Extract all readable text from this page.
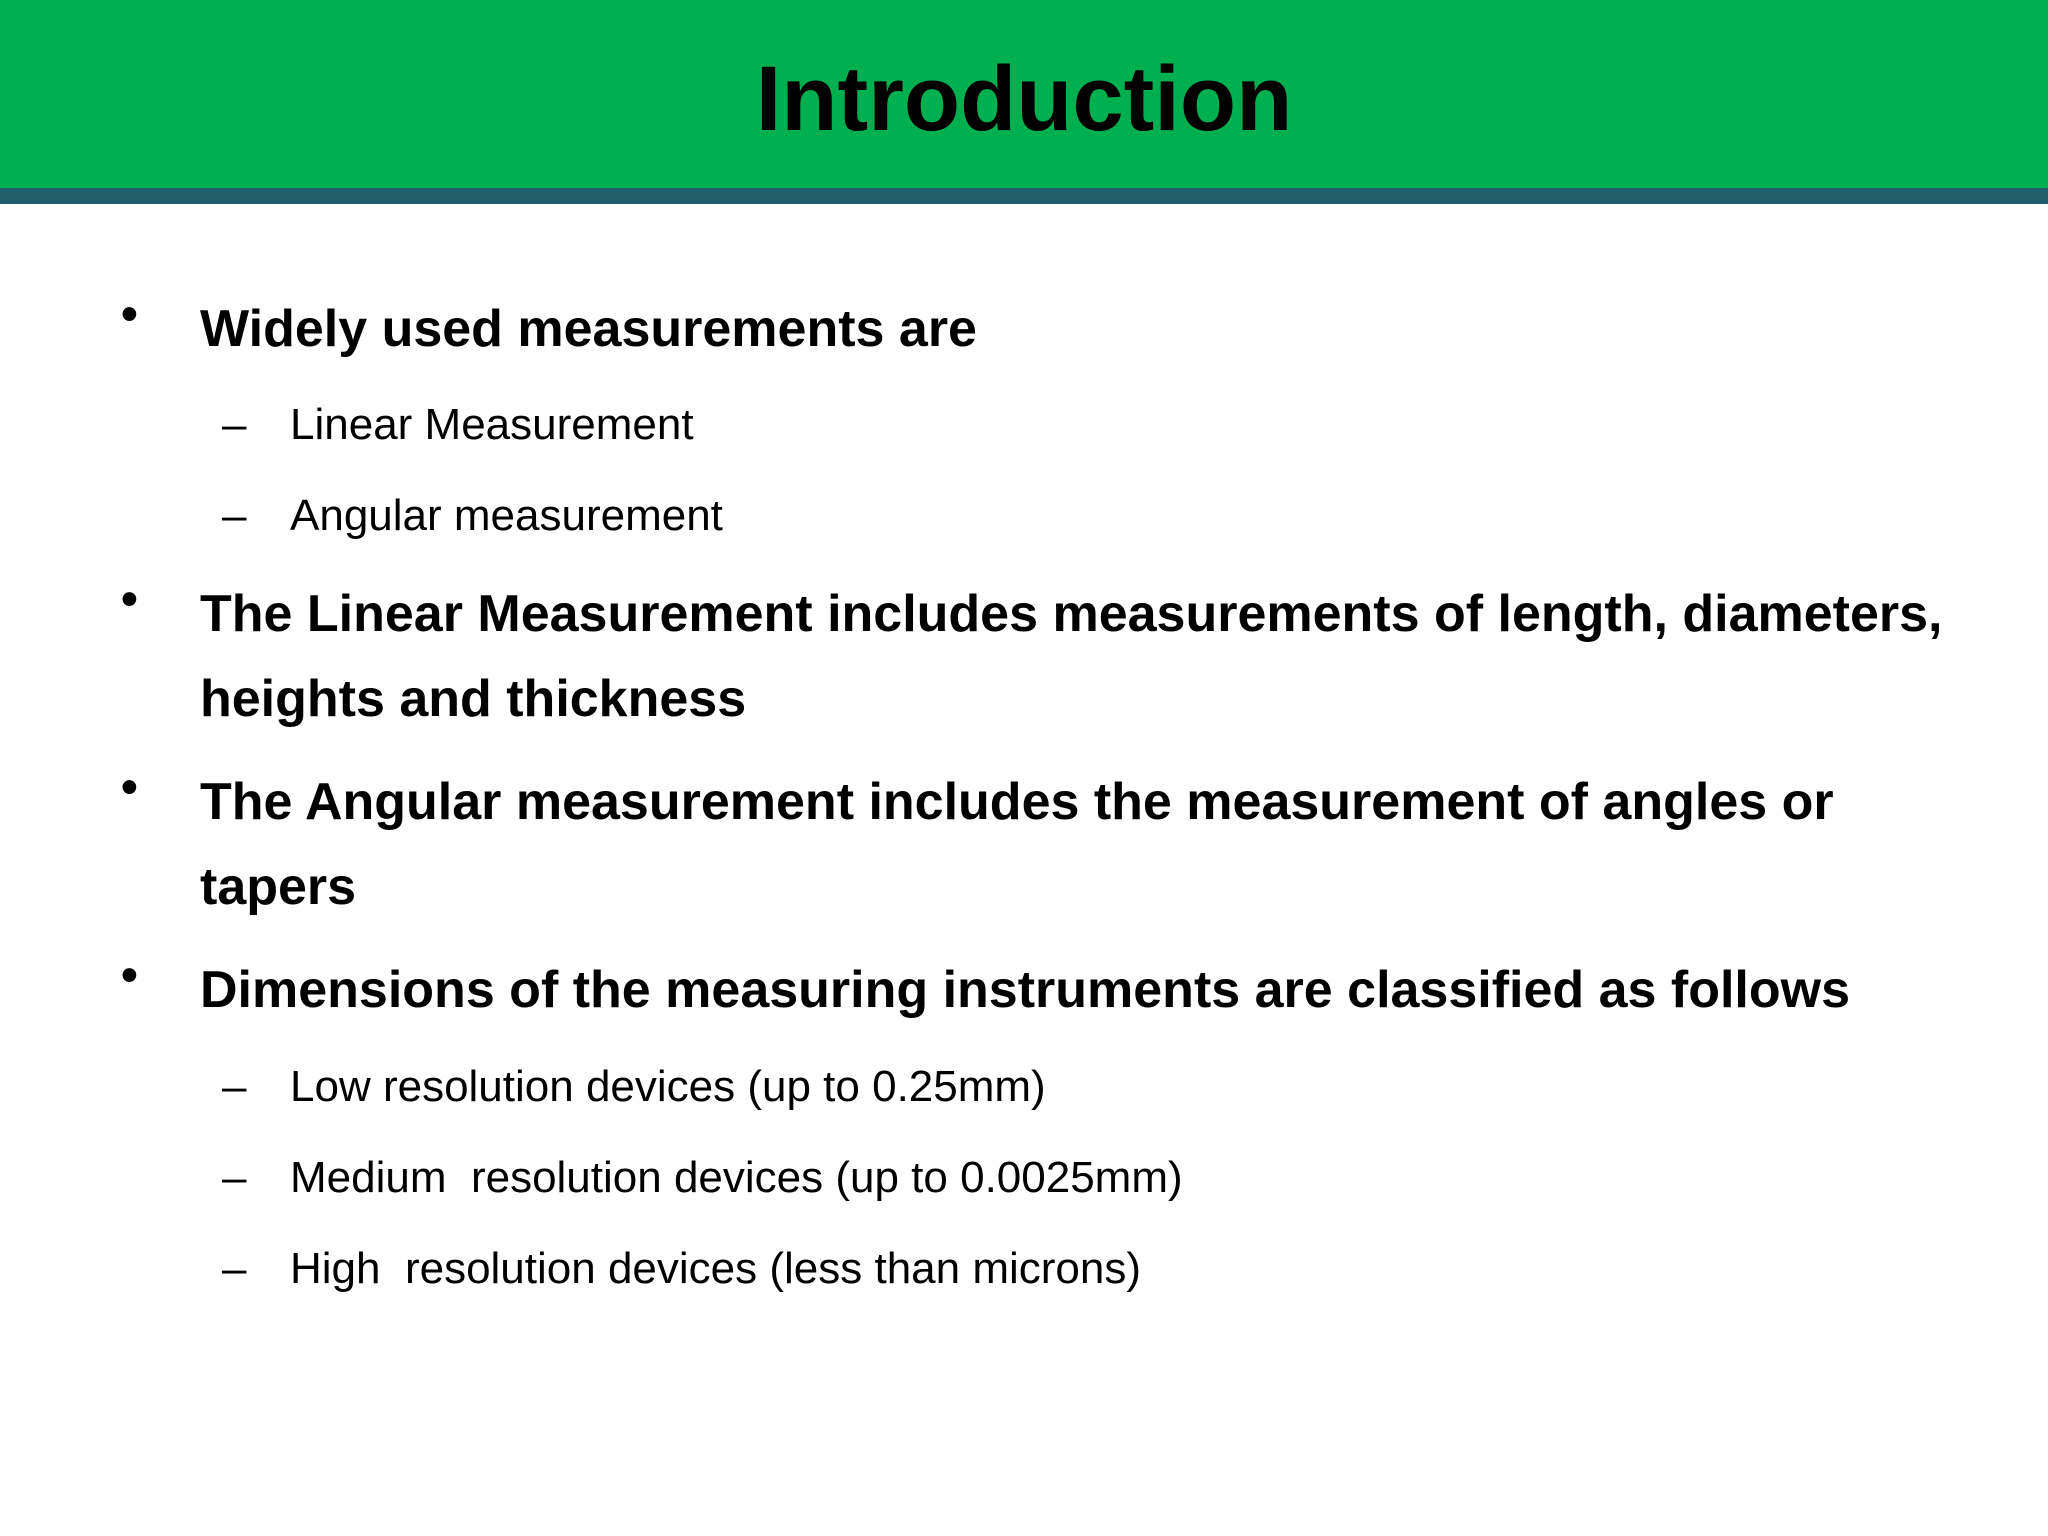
Introduction
• Widely used measurements are
– Linear Measurement
– Angular measurement
• The Linear Measurement includes measurements of length, diameters, heights and thickness
• The Angular measurement includes the measurement of angles or tapers
• Dimensions of the measuring instruments are classified as follows
– Low resolution devices (up to 0.25mm)
– Medium  resolution devices (up to 0.0025mm)
– High  resolution devices (less than microns)
